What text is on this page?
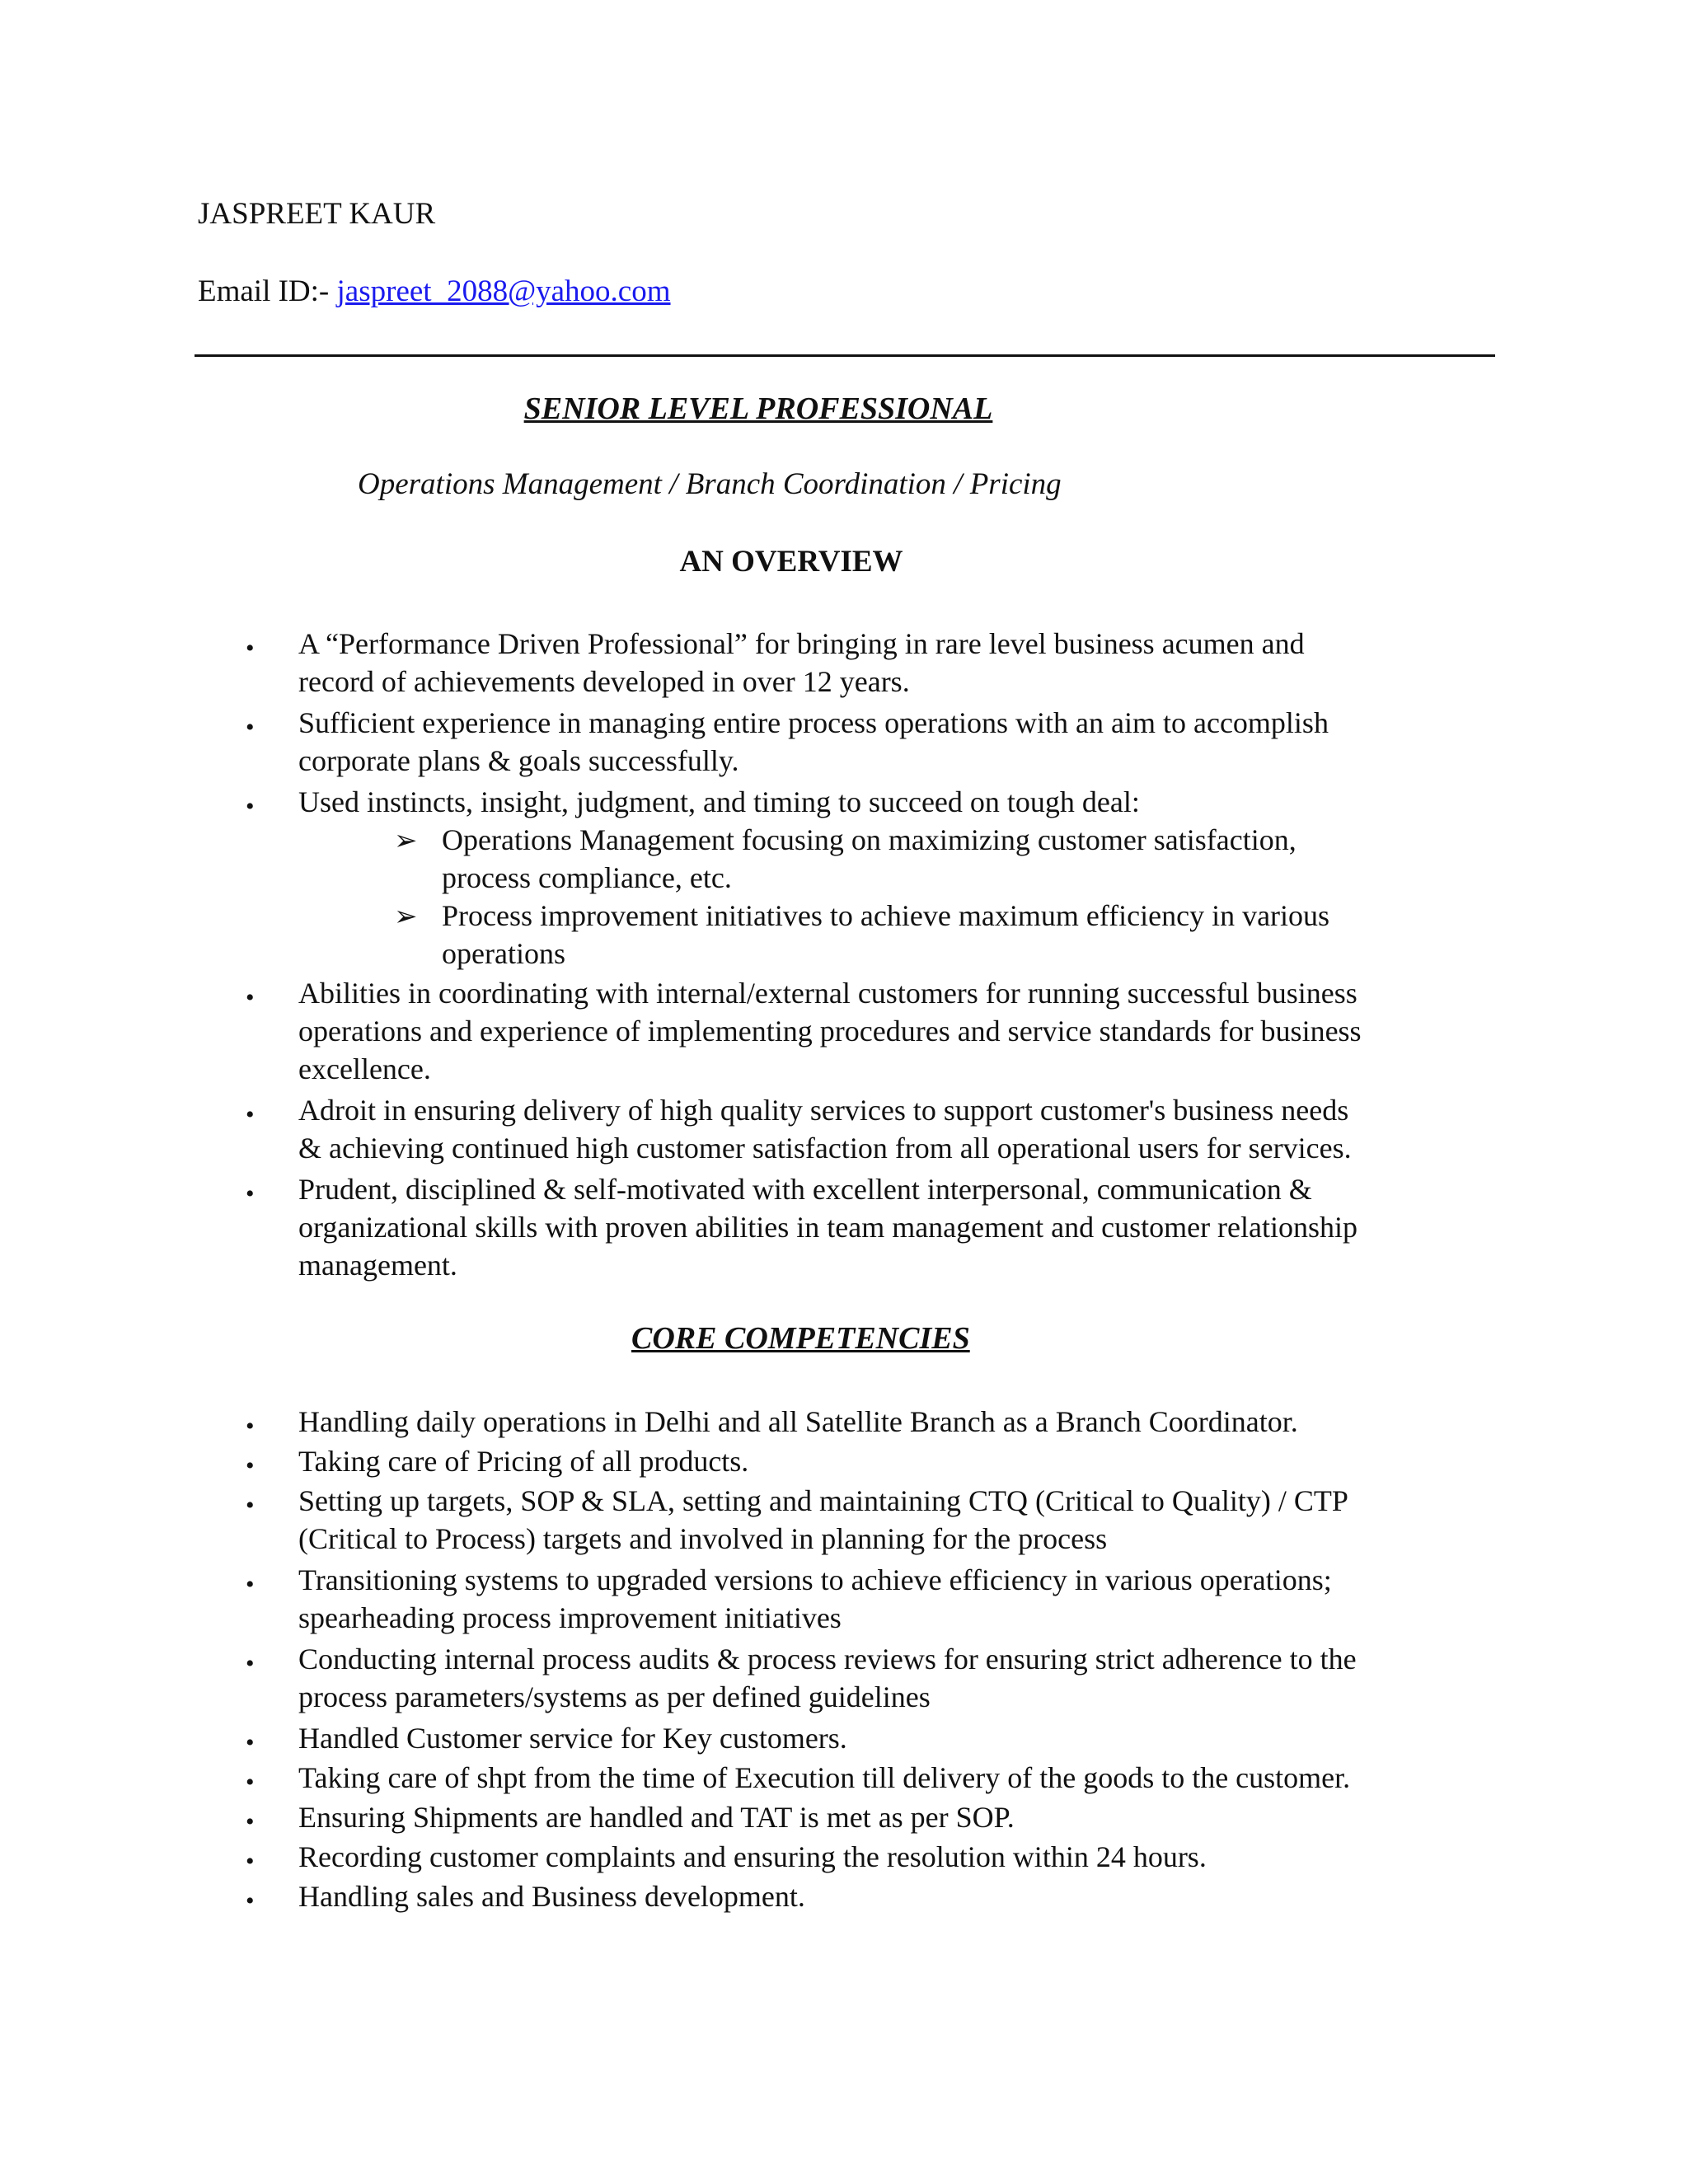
JASPREET KAUR
Email ID:- jaspreet_2088@yahoo.com
SENIOR LEVEL PROFESSIONAL
Operations Management / Branch Coordination / Pricing
AN OVERVIEW
• A “Performance Driven Professional” for bringing in rare level business acumen and
record of achievements developed in over 12 years.
• Sufficient experience in managing entire process operations with an aim to accomplish
corporate plans & goals successfully.
• Used instincts, insight, judgment, and timing to succeed on tough deal:
➢ Operations Management focusing on maximizing customer satisfaction,
process compliance, etc.
➢ Process improvement initiatives to achieve maximum efficiency in various
operations
• Abilities in coordinating with internal/external customers for running successful business
operations and experience of implementing procedures and service standards for business
excellence.
• Adroit in ensuring delivery of high quality services to support customer's business needs
& achieving continued high customer satisfaction from all operational users for services.
• Prudent, disciplined & self-motivated with excellent interpersonal, communication &
organizational skills with proven abilities in team management and customer relationship
management.
CORE COMPETENCIES
• Handling daily operations in Delhi and all Satellite Branch as a Branch Coordinator.
• Taking care of Pricing of all products.
• Setting up targets, SOP & SLA, setting and maintaining CTQ (Critical to Quality) / CTP
(Critical to Process) targets and involved in planning for the process
• Transitioning systems to upgraded versions to achieve efficiency in various operations;
spearheading process improvement initiatives
• Conducting internal process audits & process reviews for ensuring strict adherence to the
process parameters/systems as per defined guidelines
• Handled Customer service for Key customers.
• Taking care of shpt from the time of Execution till delivery of the goods to the customer.
• Ensuring Shipments are handled and TAT is met as per SOP.
• Recording customer complaints and ensuring the resolution within 24 hours.
• Handling sales and Business development.
